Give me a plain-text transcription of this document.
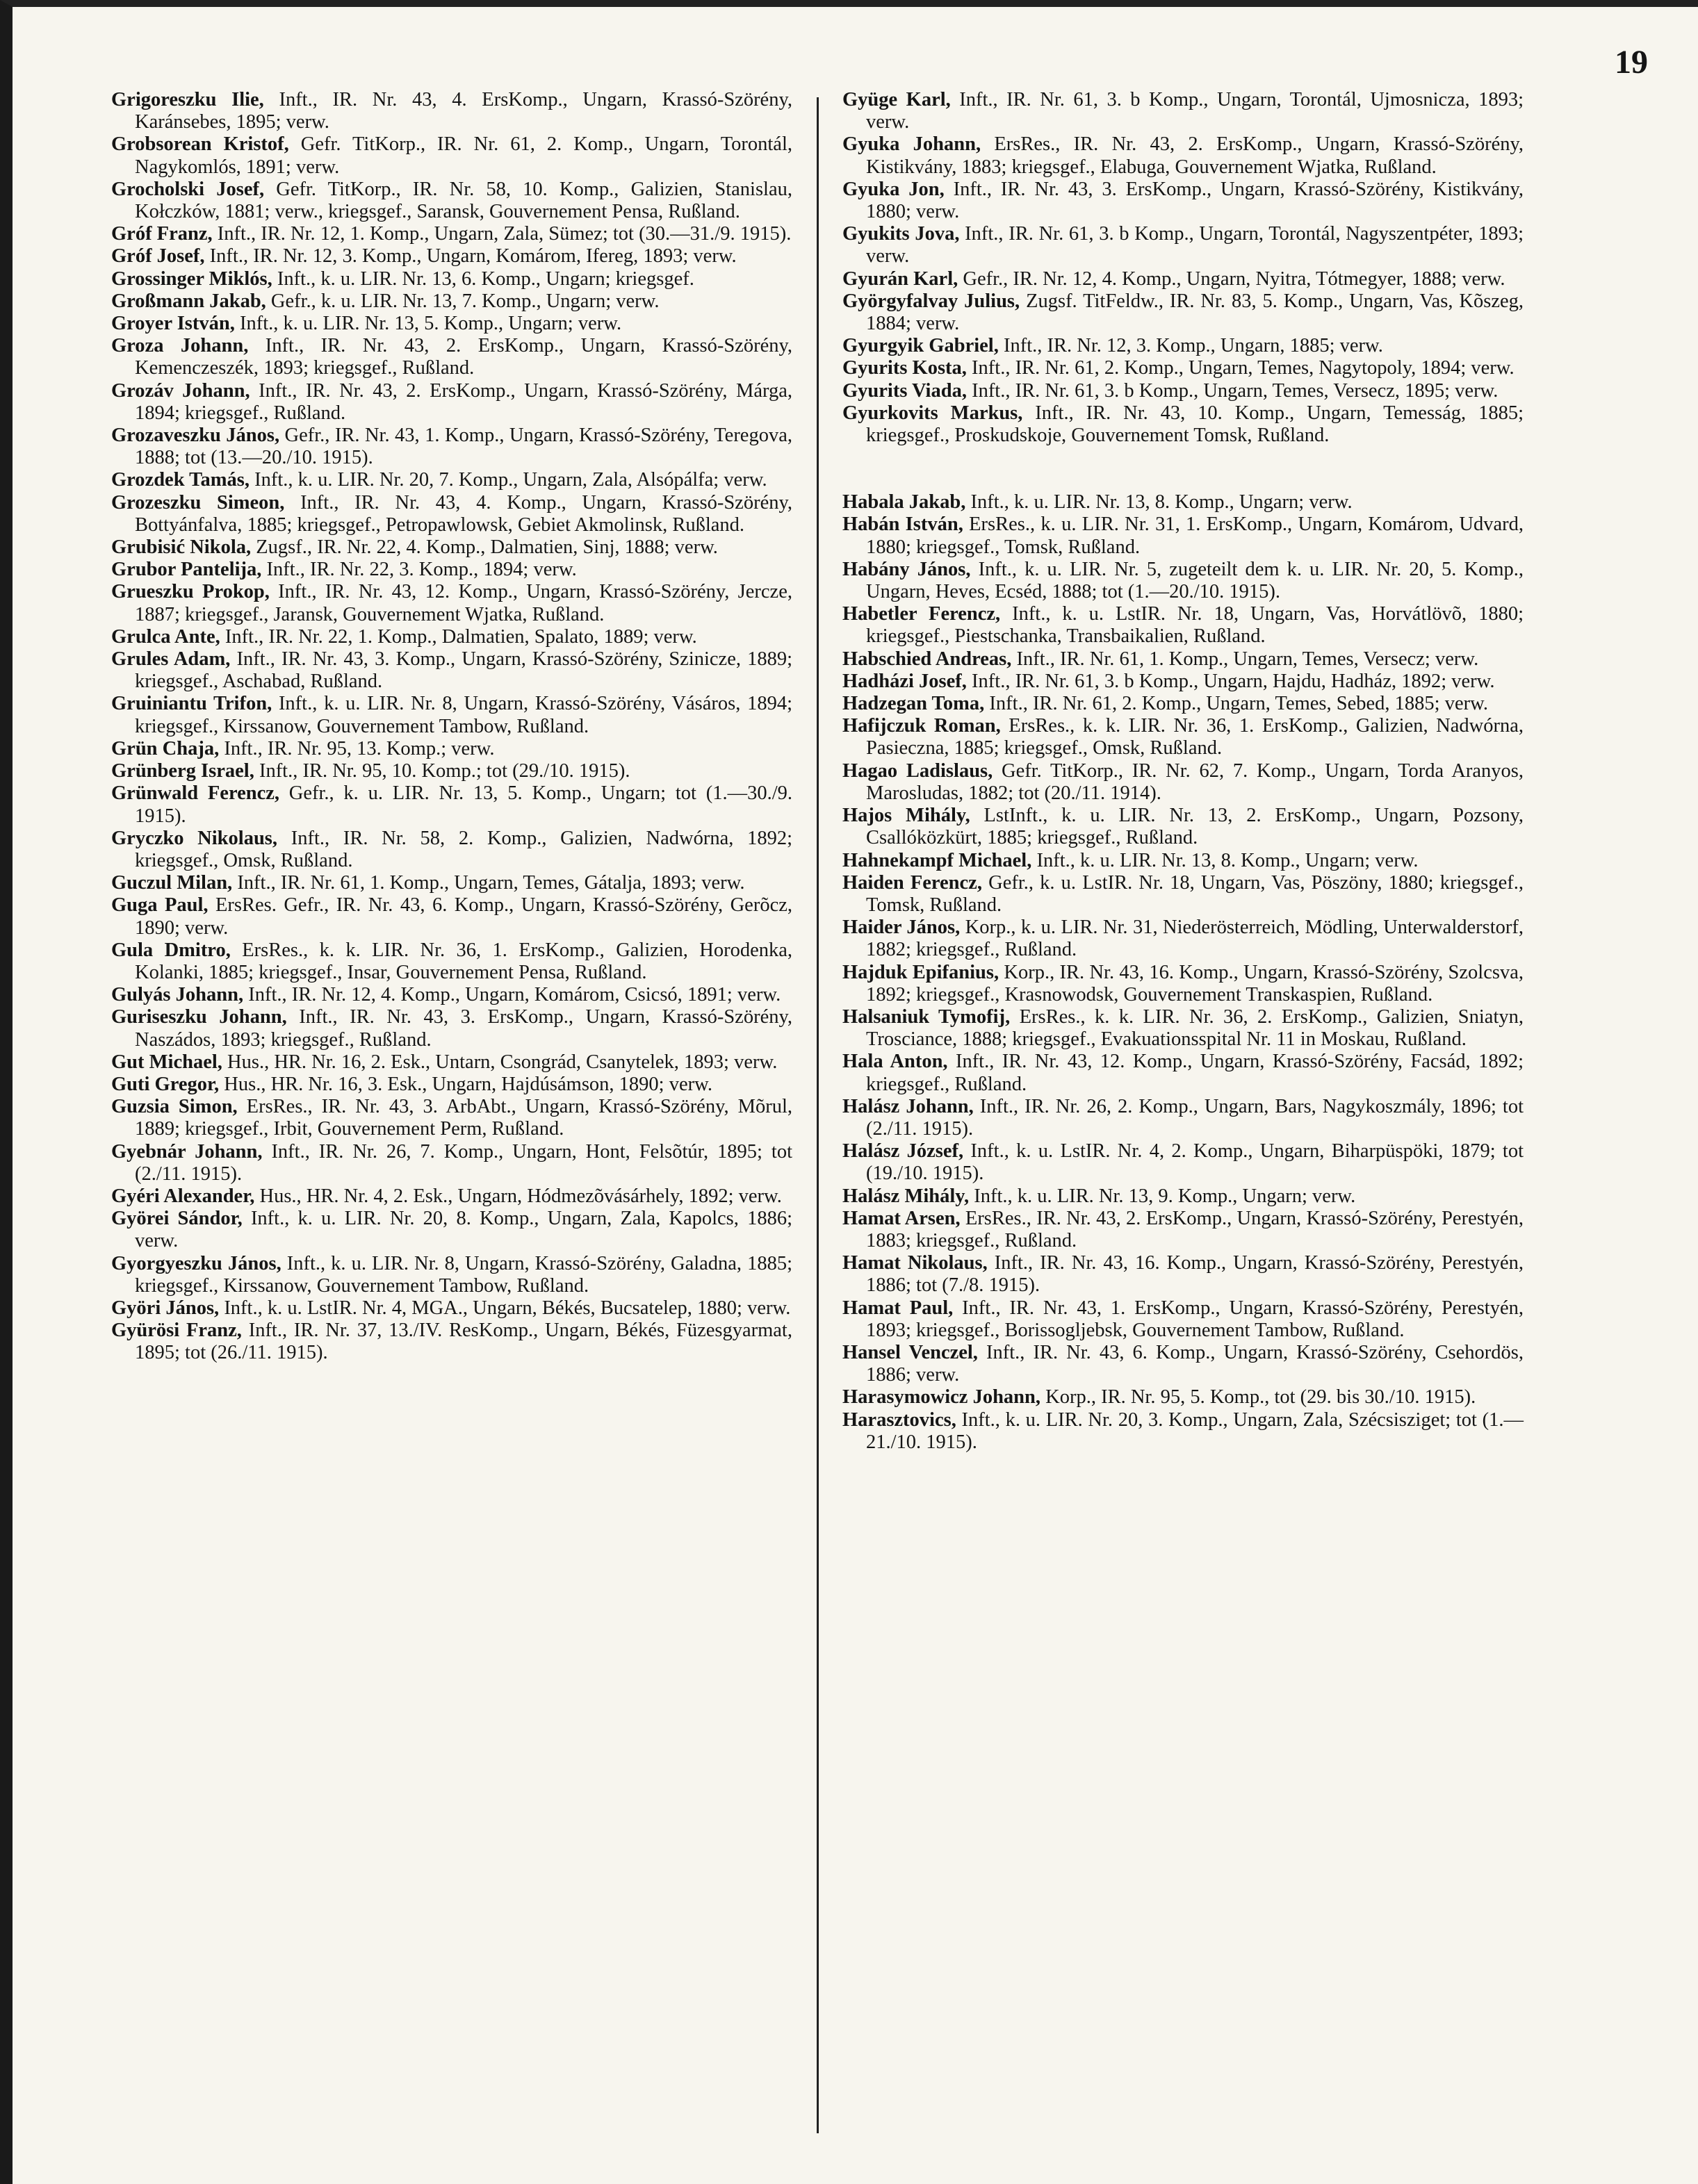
19

Grigoreszku Ilie, Inft., IR. Nr. 43, 4. ErsKomp., Ungarn, Krassó-Szörény, Karánsebes, 1895; verw.

Grobsorean Kristof, Gefr. TitKorp., IR. Nr. 61, 2. Komp., Ungarn, Torontál, Nagykomlós, 1891; verw.

Grocholski Josef, Gefr. TitKorp., IR. Nr. 58, 10. Komp., Galizien, Stanislau, Kołczków, 1881; verw., kriegsgef., Saransk, Gouvernement Pensa, Rußland.

Gróf Franz, Inft., IR. Nr. 12, 1. Komp., Ungarn, Zala, Sümez; tot (30.—31./9. 1915).

Gróf Josef, Inft., IR. Nr. 12, 3. Komp., Ungarn, Komárom, Ifereg, 1893; verw.

Grossinger Miklós, Inft., k. u. LIR. Nr. 13, 6. Komp., Ungarn; kriegsgef.

Großmann Jakab, Gefr., k. u. LIR. Nr. 13, 7. Komp., Ungarn; verw.

Groyer István, Inft., k. u. LIR. Nr. 13, 5. Komp., Ungarn; verw.

Groza Johann, Inft., IR. Nr. 43, 2. ErsKomp., Ungarn, Krassó-Szörény, Kemenczeszék, 1893; kriegsgef., Rußland.

Grozáv Johann, Inft., IR. Nr. 43, 2. ErsKomp., Ungarn, Krassó-Szörény, Márga, 1894; kriegsgef., Rußland.

Grozaveszku János, Gefr., IR. Nr. 43, 1. Komp., Ungarn, Krassó-Szörény, Teregova, 1888; tot (13.—20./10. 1915).

Grozdek Tamás, Inft., k. u. LIR. Nr. 20, 7. Komp., Ungarn, Zala, Alsópálfa; verw.

Grozeszku Simeon, Inft., IR. Nr. 43, 4. Komp., Ungarn, Krassó-Szörény, Bottyánfalva, 1885; kriegsgef., Petropawlowsk, Gebiet Akmolinsk, Rußland.

Grubisić Nikola, Zugsf., IR. Nr. 22, 4. Komp., Dalmatien, Sinj, 1888; verw.

Grubor Pantelija, Inft., IR. Nr. 22, 3. Komp., 1894; verw.

Grueszku Prokop, Inft., IR. Nr. 43, 12. Komp., Ungarn, Krassó-Szörény, Jercze, 1887; kriegsgef., Jaransk, Gouvernement Wjatka, Rußland.

Grulca Ante, Inft., IR. Nr. 22, 1. Komp., Dalmatien, Spalato, 1889; verw.

Grules Adam, Inft., IR. Nr. 43, 3. Komp., Ungarn, Krassó-Szörény, Szinicze, 1889; kriegsgef., Aschabad, Rußland.

Gruiniantu Trifon, Inft., k. u. LIR. Nr. 8, Ungarn, Krassó-Szörény, Vásáros, 1894; kriegsgef., Kirssanow, Gouvernement Tambow, Rußland.

Grün Chaja, Inft., IR. Nr. 95, 13. Komp.; verw.

Grünberg Israel, Inft., IR. Nr. 95, 10. Komp.; tot (29./10. 1915).

Grünwald Ferencz, Gefr., k. u. LIR. Nr. 13, 5. Komp., Ungarn; tot (1.—30./9. 1915).

Gryczko Nikolaus, Inft., IR. Nr. 58, 2. Komp., Galizien, Nadwórna, 1892; kriegsgef., Omsk, Rußland.

Guczul Milan, Inft., IR. Nr. 61, 1. Komp., Ungarn, Temes, Gátalja, 1893; verw.

Guga Paul, ErsRes. Gefr., IR. Nr. 43, 6. Komp., Ungarn, Krassó-Szörény, Gerõcz, 1890; verw.

Gula Dmitro, ErsRes., k. k. LIR. Nr. 36, 1. ErsKomp., Galizien, Horodenka, Kolanki, 1885; kriegsgef., Insar, Gouvernement Pensa, Rußland.

Gulyás Johann, Inft., IR. Nr. 12, 4. Komp., Ungarn, Komárom, Csicsó, 1891; verw.

Guriseszku Johann, Inft., IR. Nr. 43, 3. ErsKomp., Ungarn, Krassó-Szörény, Naszádos, 1893; kriegsgef., Rußland.

Gut Michael, Hus., HR. Nr. 16, 2. Esk., Untarn, Csongrád, Csanytelek, 1893; verw.

Guti Gregor, Hus., HR. Nr. 16, 3. Esk., Ungarn, Hajdúsámson, 1890; verw.

Guzsia Simon, ErsRes., IR. Nr. 43, 3. ArbAbt., Ungarn, Krassó-Szörény, Mõrul, 1889; kriegsgef., Irbit, Gouvernement Perm, Rußland.

Gyebnár Johann, Inft., IR. Nr. 26, 7. Komp., Ungarn, Hont, Felsõtúr, 1895; tot (2./11. 1915).

Gyéri Alexander, Hus., HR. Nr. 4, 2. Esk., Ungarn, Hódmezõvásárhely, 1892; verw.

Györei Sándor, Inft., k. u. LIR. Nr. 20, 8. Komp., Ungarn, Zala, Kapolcs, 1886; verw.

Gyorgyeszku János, Inft., k. u. LIR. Nr. 8, Ungarn, Krassó-Szörény, Galadna, 1885; kriegsgef., Kirssanow, Gouvernement Tambow, Rußland.

Györi János, Inft., k. u. LstIR. Nr. 4, MGA., Ungarn, Békés, Bucsatelep, 1880; verw.

Gyürösi Franz, Inft., IR. Nr. 37, 13./IV. ResKomp., Ungarn, Békés, Füzesgyarmat, 1895; tot (26./11. 1915).

Gyüge Karl, Inft., IR. Nr. 61, 3. b Komp., Ungarn, Torontál, Ujmosnicza, 1893; verw.

Gyuka Johann, ErsRes., IR. Nr. 43, 2. ErsKomp., Ungarn, Krassó-Szörény, Kistikvány, 1883; kriegsgef., Elabuga, Gouvernement Wjatka, Rußland.

Gyuka Jon, Inft., IR. Nr. 43, 3. ErsKomp., Ungarn, Krassó-Szörény, Kistikvány, 1880; verw.

Gyukits Jova, Inft., IR. Nr. 61, 3. b Komp., Ungarn, Torontál, Nagyszentpéter, 1893; verw.

Gyurán Karl, Gefr., IR. Nr. 12, 4. Komp., Ungarn, Nyitra, Tótmegyer, 1888; verw.

Györgyfalvay Julius, Zugsf. TitFeldw., IR. Nr. 83, 5. Komp., Ungarn, Vas, Kõszeg, 1884; verw.

Gyurgyik Gabriel, Inft., IR. Nr. 12, 3. Komp., Ungarn, 1885; verw.

Gyurits Kosta, Inft., IR. Nr. 61, 2. Komp., Ungarn, Temes, Nagytopoly, 1894; verw.

Gyurits Viada, Inft., IR. Nr. 61, 3. b Komp., Ungarn, Temes, Versecz, 1895; verw.

Gyurkovits Markus, Inft., IR. Nr. 43, 10. Komp., Ungarn, Temesság, 1885; kriegsgef., Proskudskoje, Gouvernement Tomsk, Rußland.

Habala Jakab, Inft., k. u. LIR. Nr. 13, 8. Komp., Ungarn; verw.

Habán István, ErsRes., k. u. LIR. Nr. 31, 1. ErsKomp., Ungarn, Komárom, Udvard, 1880; kriegsgef., Tomsk, Rußland.

Habány János, Inft., k. u. LIR. Nr. 5, zugeteilt dem k. u. LIR. Nr. 20, 5. Komp., Ungarn, Heves, Ecséd, 1888; tot (1.—20./10. 1915).

Habetler Ferencz, Inft., k. u. LstIR. Nr. 18, Ungarn, Vas, Horvátlövõ, 1880; kriegsgef., Piestschanka, Transbaikalien, Rußland.

Habschied Andreas, Inft., IR. Nr. 61, 1. Komp., Ungarn, Temes, Versecz; verw.

Hadházi Josef, Inft., IR. Nr. 61, 3. b Komp., Ungarn, Hajdu, Hadház, 1892; verw.

Hadzegan Toma, Inft., IR. Nr. 61, 2. Komp., Ungarn, Temes, Sebed, 1885; verw.

Hafijczuk Roman, ErsRes., k. k. LIR. Nr. 36, 1. ErsKomp., Galizien, Nadwórna, Pasieczna, 1885; kriegsgef., Omsk, Rußland.

Hagao Ladislaus, Gefr. TitKorp., IR. Nr. 62, 7. Komp., Ungarn, Torda Aranyos, Marosludas, 1882; tot (20./11. 1914).

Hajos Mihály, LstInft., k. u. LIR. Nr. 13, 2. ErsKomp., Ungarn, Pozsony, Csallóközkürt, 1885; kriegsgef., Rußland.

Hahnekampf Michael, Inft., k. u. LIR. Nr. 13, 8. Komp., Ungarn; verw.

Haiden Ferencz, Gefr., k. u. LstIR. Nr. 18, Ungarn, Vas, Pöszöny, 1880; kriegsgef., Tomsk, Rußland.

Haider János, Korp., k. u. LIR. Nr. 31, Niederösterreich, Mödling, Unterwalderstorf, 1882; kriegsgef., Rußland.

Hajduk Epifanius, Korp., IR. Nr. 43, 16. Komp., Ungarn, Krassó-Szörény, Szolcsva, 1892; kriegsgef., Krasnowodsk, Gouvernement Transkaspien, Rußland.

Halsaniuk Tymofij, ErsRes., k. k. LIR. Nr. 36, 2. ErsKomp., Galizien, Sniatyn, Trosciance, 1888; kriegsgef., Evakuationsspital Nr. 11 in Moskau, Rußland.

Hala Anton, Inft., IR. Nr. 43, 12. Komp., Ungarn, Krassó-Szörény, Facsád, 1892; kriegsgef., Rußland.

Halász Johann, Inft., IR. Nr. 26, 2. Komp., Ungarn, Bars, Nagykoszmály, 1896; tot (2./11. 1915).

Halász József, Inft., k. u. LstIR. Nr. 4, 2. Komp., Ungarn, Biharpüspöki, 1879; tot (19./10. 1915).

Halász Mihály, Inft., k. u. LIR. Nr. 13, 9. Komp., Ungarn; verw.

Hamat Arsen, ErsRes., IR. Nr. 43, 2. ErsKomp., Ungarn, Krassó-Szörény, Perestyén, 1883; kriegsgef., Rußland.

Hamat Nikolaus, Inft., IR. Nr. 43, 16. Komp., Ungarn, Krassó-Szörény, Perestyén, 1886; tot (7./8. 1915).

Hamat Paul, Inft., IR. Nr. 43, 1. ErsKomp., Ungarn, Krassó-Szörény, Perestyén, 1893; kriegsgef., Borissogljebsk, Gouvernement Tambow, Rußland.

Hansel Venczel, Inft., IR. Nr. 43, 6. Komp., Ungarn, Krassó-Szörény, Csehordös, 1886; verw.

Harasymowicz Johann, Korp., IR. Nr. 95, 5. Komp., tot (29. bis 30./10. 1915).

Harasztovics, Inft., k. u. LIR. Nr. 20, 3. Komp., Ungarn, Zala, Szécsisziget; tot (1.—21./10. 1915).
